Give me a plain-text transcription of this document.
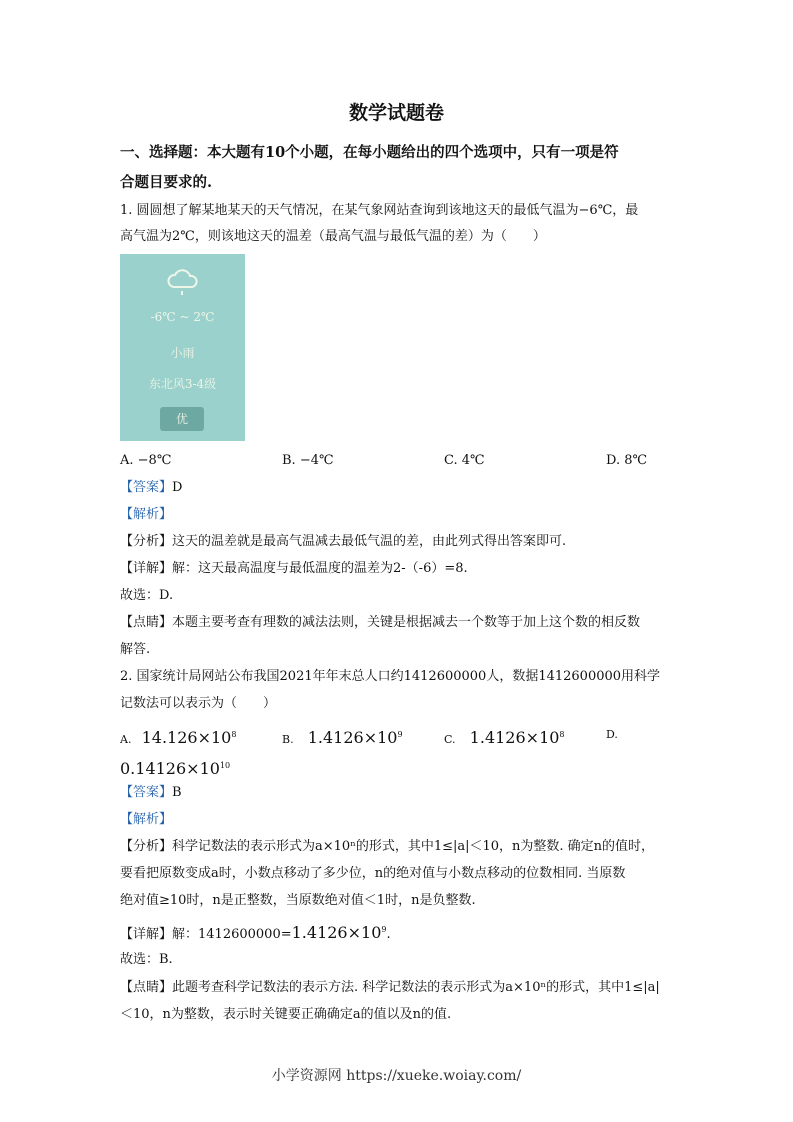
数学试题卷
一、选择题：本大题有10个小题，在每小题给出的四个选项中，只有一项是符
合题目要求的.
1. 圆圆想了解某地某天的天气情况，在某气象网站查询到该地这天的最低气温为−6℃，最
高气温为2℃，则该地这天的温差（最高气温与最低气温的差）为（　　）
-6℃ ~ 2℃
小雨
东北风3-4级
优
A. −8℃	B. −4℃	C. 4℃	D. 8℃
【答案】D
【解析】
【分析】这天的温差就是最高气温减去最低气温的差，由此列式得出答案即可.
【详解】解：这天最高温度与最低温度的温差为2-（-6）=8.
故选：D.
【点睛】本题主要考查有理数的减法法则，关键是根据减去一个数等于加上这个数的相反数
解答.
2. 国家统计局网站公布我国2021年年末总人口约1412600000人，数据1412600000用科学
记数法可以表示为（　　）
A. $14.126\times 10^8$	B. $1.4126\times 10^9$	C. $1.4126\times 10^8$	D.
$0.14126\times 10^{10}$
【答案】B
【解析】
【分析】科学记数法的表示形式为a×10ⁿ的形式，其中1≤|a|＜10，n为整数. 确定n的值时，
要看把原数变成a时，小数点移动了多少位，n的绝对值与小数点移动的位数相同. 当原数
绝对值≥10时，n是正整数，当原数绝对值＜1时，n是负整数.
【详解】解：$1412600000=1.4126\times 10^9$.
故选：B.
【点睛】此题考查科学记数法的表示方法. 科学记数法的表示形式为a×10ⁿ的形式，其中1≤|a|
＜10，n为整数，表示时关键要正确确定a的值以及n的值.
小学资源网 https://xueke.woiay.com/
